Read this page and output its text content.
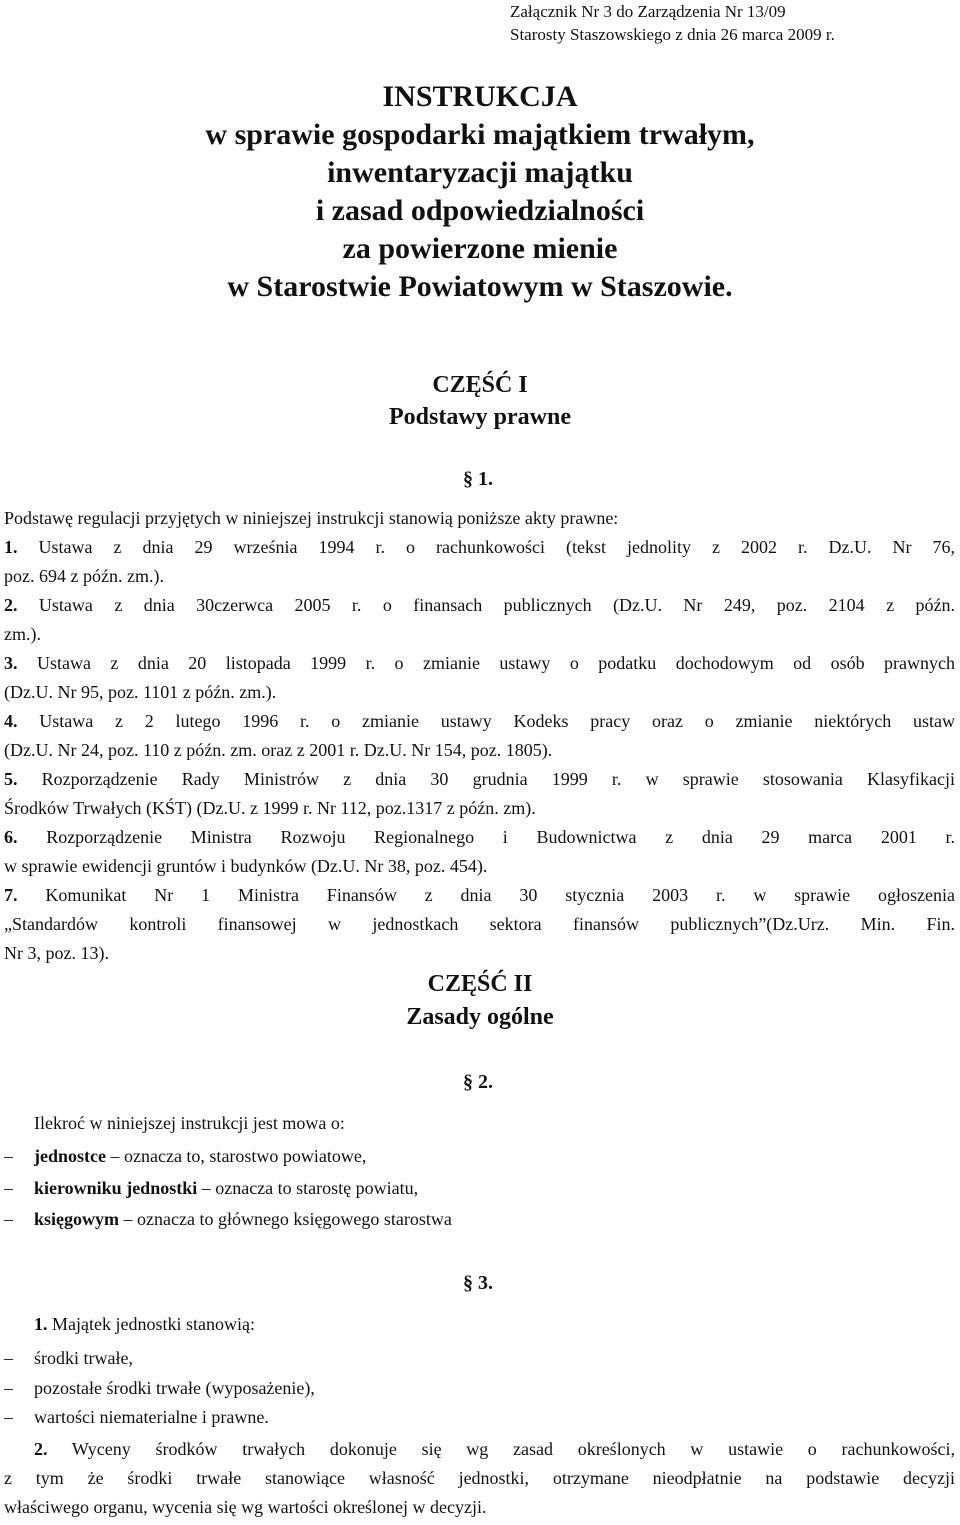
Załącznik Nr 3 do Zarządzenia Nr 13/09
Starosty Staszowskiego z dnia 26 marca 2009 r.
INSTRUKCJA
w sprawie gospodarki majątkiem trwałym,
inwentaryzacji majątku
i zasad odpowiedzialności
za powierzone mienie
w Starostwie Powiatowym w Staszowie.
CZĘŚĆ I
Podstawy prawne
§ 1.
Podstawę regulacji przyjętych w niniejszej instrukcji stanowią poniższe akty prawne:
1. Ustawa z dnia 29 września 1994 r. o rachunkowości (tekst jednolity z 2002 r. Dz.U. Nr 76,
poz. 694 z późn. zm.).
2. Ustawa z dnia 30czerwca 2005 r. o finansach publicznych (Dz.U. Nr 249, poz. 2104 z późn.
zm.).
3. Ustawa z dnia 20 listopada 1999 r. o zmianie ustawy o podatku dochodowym od osób prawnych
(Dz.U. Nr 95, poz. 1101 z późn. zm.).
4. Ustawa z 2 lutego 1996 r. o zmianie ustawy Kodeks pracy oraz o zmianie niektórych ustaw
(Dz.U. Nr 24, poz. 110 z późn. zm. oraz z 2001 r. Dz.U. Nr 154, poz. 1805).
5. Rozporządzenie Rady Ministrów z dnia 30 grudnia 1999 r. w sprawie stosowania Klasyfikacji
Środków Trwałych (KŚT) (Dz.U. z 1999 r. Nr 112, poz.1317 z późn. zm).
6. Rozporządzenie Ministra Rozwoju Regionalnego i Budownictwa z dnia 29 marca 2001 r.
w sprawie ewidencji gruntów i budynków (Dz.U. Nr 38, poz. 454).
7. Komunikat Nr 1 Ministra Finansów z dnia 30 stycznia 2003 r. w sprawie ogłoszenia
„Standardów kontroli finansowej w jednostkach sektora finansów publicznych”(Dz.Urz. Min. Fin.
Nr 3, poz. 13).
CZĘŚĆ II
Zasady ogólne
§ 2.
Ilekroć w niniejszej instrukcji jest mowa o:
– jednostce – oznacza to, starostwo powiatowe,
– kierowniku jednostki – oznacza to starostę powiatu,
– księgowym – oznacza to głównego księgowego starostwa
§ 3.
1. Majątek jednostki stanowią:
– środki trwałe,
– pozostałe środki trwałe (wyposażenie),
– wartości niematerialne i prawne.
2. Wyceny środków trwałych dokonuje się wg zasad określonych w ustawie o rachunkowości,
z tym że środki trwałe stanowiące własność jednostki, otrzymane nieodpłatnie na podstawie decyzji
właściwego organu, wycenia się wg wartości określonej w decyzji.
